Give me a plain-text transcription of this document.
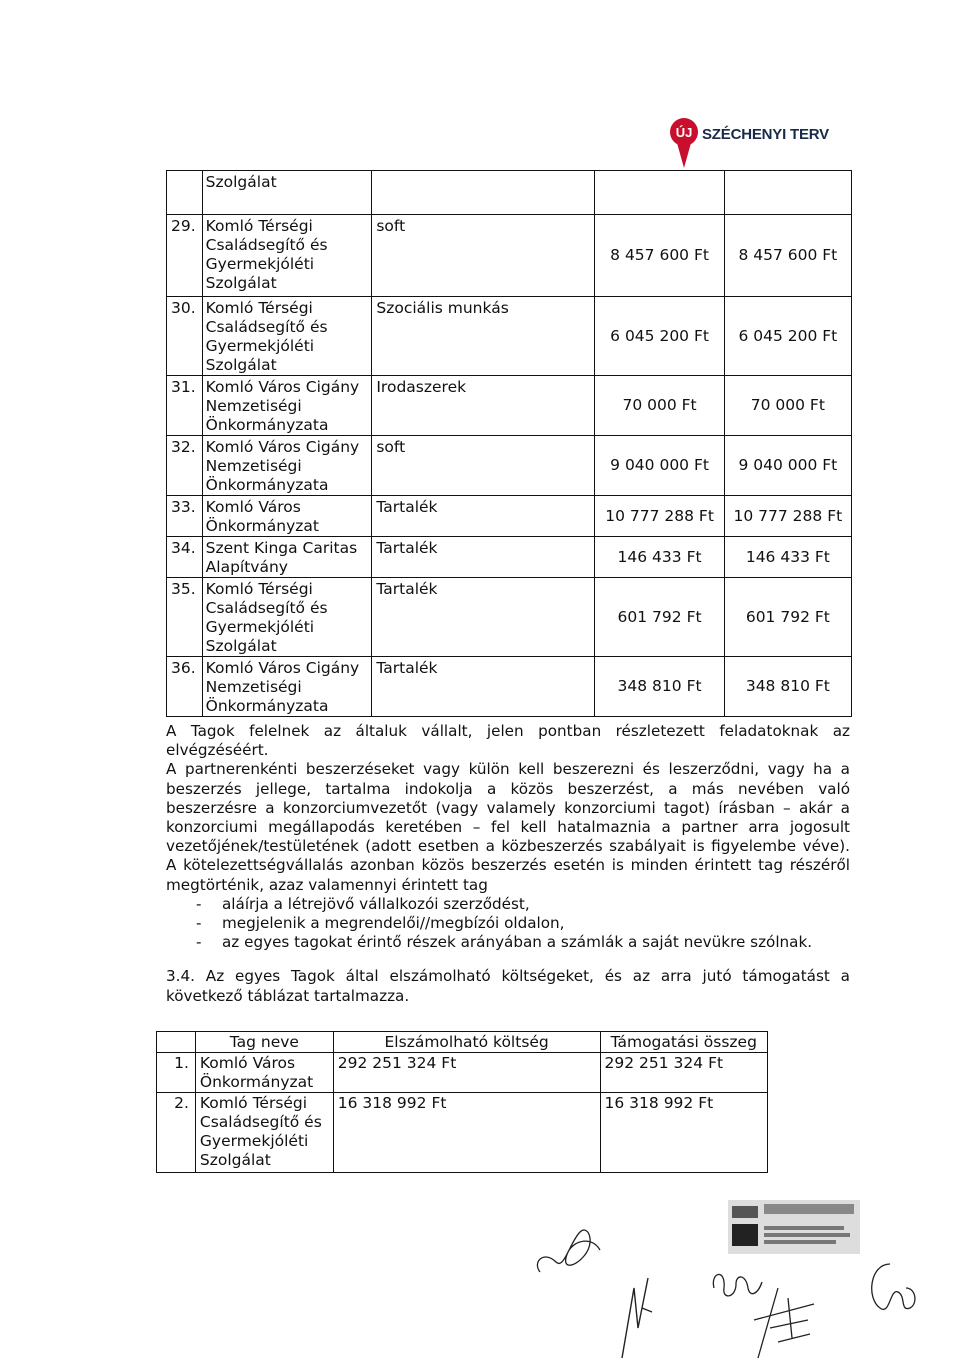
ÚJ SZÉCHENYI TERV
	Szolgálat			
29.	Komló Térségi Családsegítő és Gyermekjóléti Szolgálat	soft	8 457 600 Ft	8 457 600 Ft
30.	Komló Térségi Családsegítő és Gyermekjóléti Szolgálat	Szociális munkás	6 045 200 Ft	6 045 200 Ft
31.	Komló Város Cigány Nemzetiségi Önkormányzata	Irodaszerek	70 000 Ft	70 000 Ft
32.	Komló Város Cigány Nemzetiségi Önkormányzata	soft	9 040 000 Ft	9 040 000 Ft
33.	Komló Város Önkormányzat	Tartalék	10 777 288 Ft	10 777 288 Ft
34.	Szent Kinga Caritas Alapítvány	Tartalék	146 433 Ft	146 433 Ft
35.	Komló Térségi Családsegítő és Gyermekjóléti Szolgálat	Tartalék	601 792 Ft	601 792 Ft
36.	Komló Város Cigány Nemzetiségi Önkormányzata	Tartalék	348 810 Ft	348 810 Ft

A Tagok felelnek az általuk vállalt, jelen pontban részletezett feladatoknak az elvégzéséért.

A partnerenkénti beszerzéseket vagy külön kell beszerezni és leszerződni, vagy ha a beszerzés jellege, tartalma indokolja a közös beszerzést, a más nevében való beszerzésre a konzorciumvezetőt (vagy valamely konzorciumi tagot) írásban – akár a konzorciumi megállapodás keretében – fel kell hatalmaznia a partner arra jogosult vezetőjének/testületének (adott esetben a közbeszerzés szabályait is figyelembe véve). A kötelezettségvállalás azonban közös beszerzés esetén is minden érintett tag részéről megtörténik, azaz valamennyi érintett tag

- aláírja a létrejövő vállalkozói szerződést,
- megjelenik a megrendelői//megbízói oldalon,
- az egyes tagokat érintő részek arányában a számlák a saját nevükre szólnak.

3.4. Az egyes Tagok által elszámolható költségeket, és az arra jutó támogatást a következő táblázat tartalmazza.

	Tag neve	Elszámolható költség	Támogatási összeg
1.	Komló Város Önkormányzat	292 251 324 Ft	292 251 324 Ft
2.	Komló Térségi Családsegítő és Gyermekjóléti Szolgálat	16 318 992 Ft	16 318 992 Ft
